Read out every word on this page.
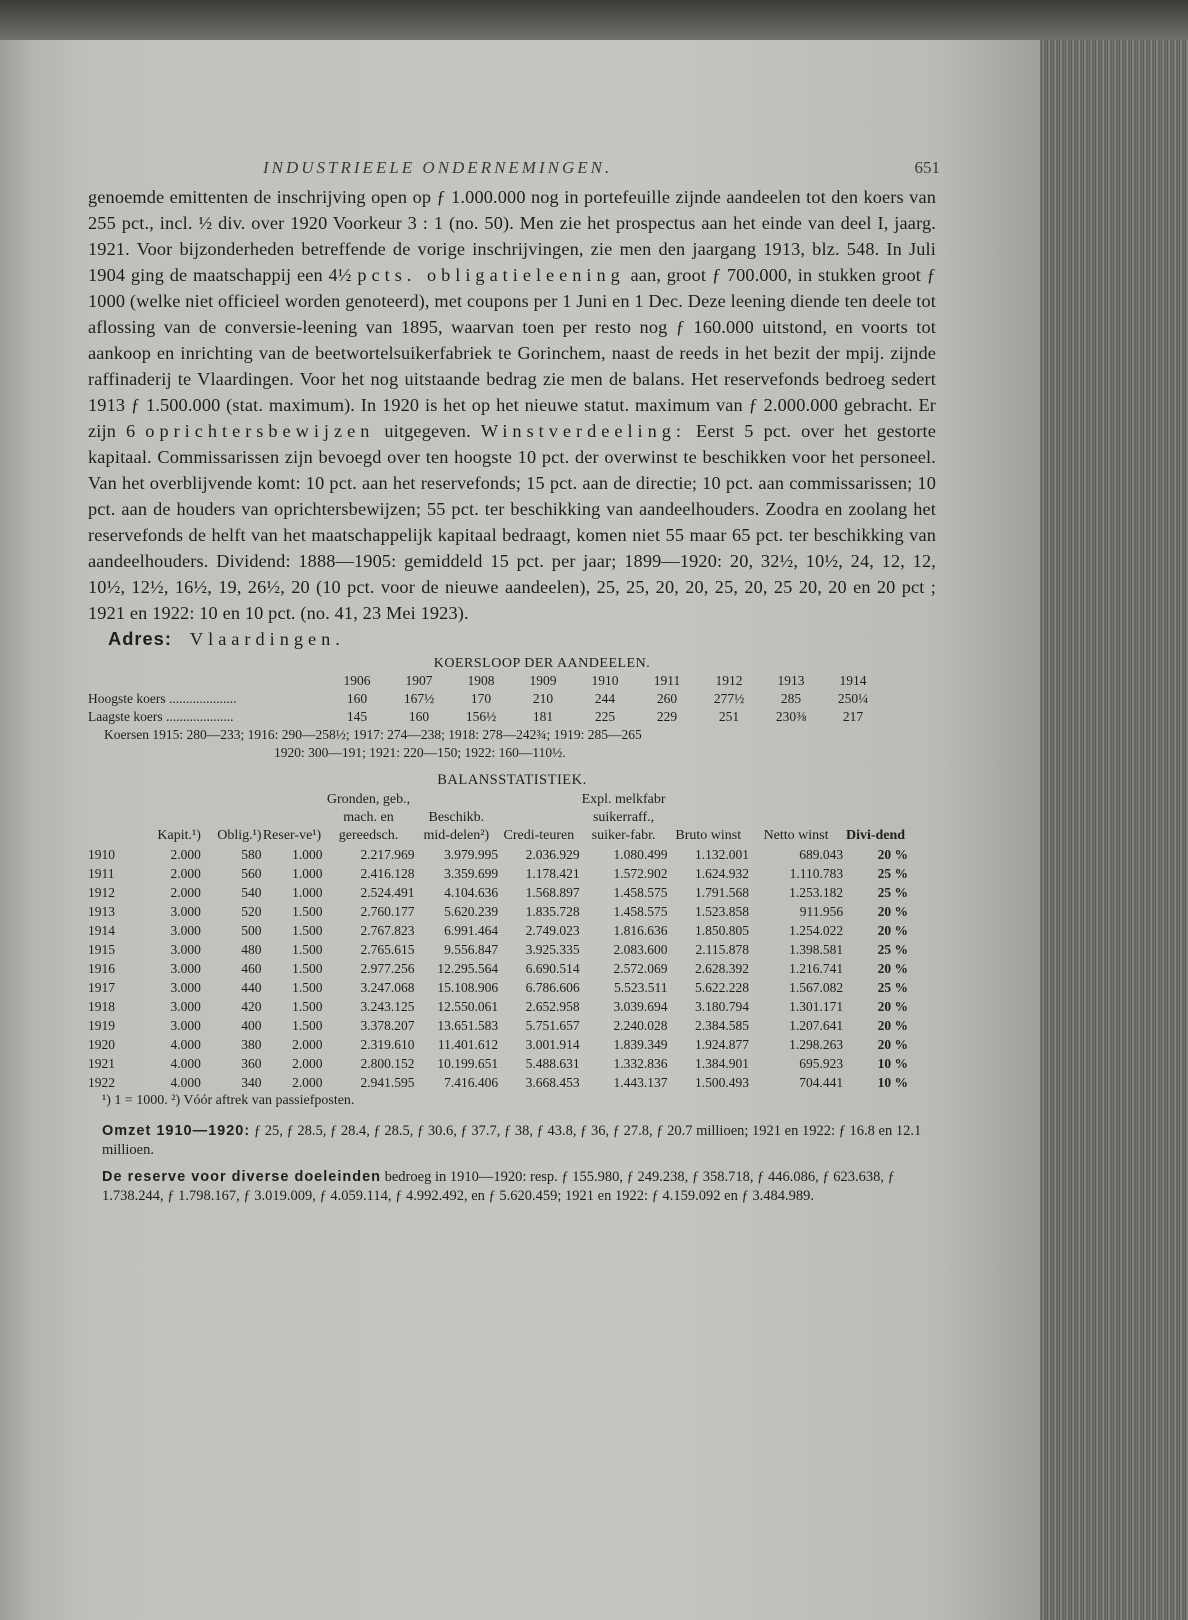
INDUSTRIEELE ONDERNEMINGEN.	651

genoemde emittenten de inschrijving open op ƒ 1.000.000 nog in portefeuille zijnde aandeelen tot den koers van 255 pct., incl. ½ div. over 1920 Voorkeur 3 : 1 (no. 50). Men zie het prospectus aan het einde van deel I, jaarg. 1921. Voor bijzonderheden betreffende de vorige inschrijvingen, zie men den jaargang 1913, blz. 548. In Juli 1904 ging de maatschappij een 4½ pcts. obligatieleening aan, groot ƒ 700.000, in stukken groot ƒ 1000 (welke niet officieel worden genoteerd), met coupons per 1 Juni en 1 Dec. Deze leening diende ten deele tot aflossing van de conversie-leening van 1895, waarvan toen per resto nog ƒ 160.000 uitstond, en voorts tot aankoop en inrichting van de beetwortelsuikerfabriek te Gorinchem, naast de reeds in het bezit der mpij. zijnde raffinaderij te Vlaardingen. Voor het nog uitstaande bedrag zie men de balans. Het reservefonds bedroeg sedert 1913 ƒ 1.500.000 (stat. maximum). In 1920 is het op het nieuwe statut. maximum van ƒ 2.000.000 gebracht. Er zijn 6 oprichtersbewijzen uitgegeven. Winstverdeeling: Eerst 5 pct. over het gestorte kapitaal. Commissarissen zijn bevoegd over ten hoogste 10 pct. der overwinst te beschikken voor het personeel. Van het overblijvende komt: 10 pct. aan het reservefonds; 15 pct. aan de directie; 10 pct. aan commissarissen; 10 pct. aan de houders van oprichtersbewijzen; 55 pct. ter beschikking van aandeelhouders. Zoodra en zoolang het reservefonds de helft van het maatschappelijk kapitaal bedraagt, komen niet 55 maar 65 pct. ter beschikking van aandeelhouders. Dividend: 1888—1905: gemiddeld 15 pct. per jaar; 1899—1920: 20, 32½, 10½, 24, 12, 12, 10½, 12½, 16½, 19, 26½, 20 (10 pct. voor de nieuwe aandeelen), 25, 25, 20, 20, 25, 20, 25 20, 20 en 20 pct ; 1921 en 1922: 10 en 10 pct. (no. 41, 23 Mei 1923).

Adres: Vlaardingen.
KOERSLOOP DER AANDEELEN.
	1906	1907	1908	1909	1910	1911	1912	1913	1914
Hoogste koers ....................	160	167½	170	210	244	260	277½	285	250¼
Laagste koers ....................	145	160	156½	181	225	229	251	230⅜	217
Koersen 1915: 280—233; 1916: 290—258½; 1917: 274—238; 1918: 278—242¾; 1919: 285—265
1920: 300—191; 1921: 220—150; 1922: 160—110½.
BALANSSTATISTIEK.
	Kapit.¹)	Oblig.¹)	Reser-ve¹)	Gronden, geb., mach. en gereedsch.	Beschikb. mid-delen²)	Credi-teuren	Expl. melkfabr suikerraff., suiker-fabr.	Bruto winst	Netto winst	Divi-dend
1910	2.000	580	1.000	2.217.969	3.979.995	2.036.929	1.080.499	1.132.001	689.043	20 %
1911	2.000	560	1.000	2.416.128	3.359.699	1.178.421	1.572.902	1.624.932	1.110.783	25 %
1912	2.000	540	1.000	2.524.491	4.104.636	1.568.897	1.458.575	1.791.568	1.253.182	25 %
1913	3.000	520	1.500	2.760.177	5.620.239	1.835.728	1.458.575	1.523.858	911.956	20 %
1914	3.000	500	1.500	2.767.823	6.991.464	2.749.023	1.816.636	1.850.805	1.254.022	20 %
1915	3.000	480	1.500	2.765.615	9.556.847	3.925.335	2.083.600	2.115.878	1.398.581	25 %
1916	3.000	460	1.500	2.977.256	12.295.564	6.690.514	2.572.069	2.628.392	1.216.741	20 %
1917	3.000	440	1.500	3.247.068	15.108.906	6.786.606	5.523.511	5.622.228	1.567.082	25 %
1918	3.000	420	1.500	3.243.125	12.550.061	2.652.958	3.039.694	3.180.794	1.301.171	20 %
1919	3.000	400	1.500	3.378.207	13.651.583	5.751.657	2.240.028	2.384.585	1.207.641	20 %
1920	4.000	380	2.000	2.319.610	11.401.612	3.001.914	1.839.349	1.924.877	1.298.263	20 %
1921	4.000	360	2.000	2.800.152	10.199.651	5.488.631	1.332.836	1.384.901	695.923	10 %
1922	4.000	340	2.000	2.941.595	7.416.406	3.668.453	1.443.137	1.500.493	704.441	10 %
¹) 1 = 1000. ²) Vóór aftrek van passiefposten.

Omzet 1910—1920: ƒ 25, ƒ 28.5, ƒ 28.4, ƒ 28.5, ƒ 30.6, ƒ 37.7, ƒ 38, ƒ 43.8, ƒ 36, ƒ 27.8, ƒ 20.7 millioen; 1921 en 1922: ƒ 16.8 en 12.1 millioen.

De reserve voor diverse doeleinden bedroeg in 1910—1920: resp. ƒ 155.980, ƒ 249.238, ƒ 358.718, ƒ 446.086, ƒ 623.638, ƒ 1.738.244, ƒ 1.798.167, ƒ 3.019.009, ƒ 4.059.114, ƒ 4.992.492, en ƒ 5.620.459; 1921 en 1922: ƒ 4.159.092 en ƒ 3.484.989.
